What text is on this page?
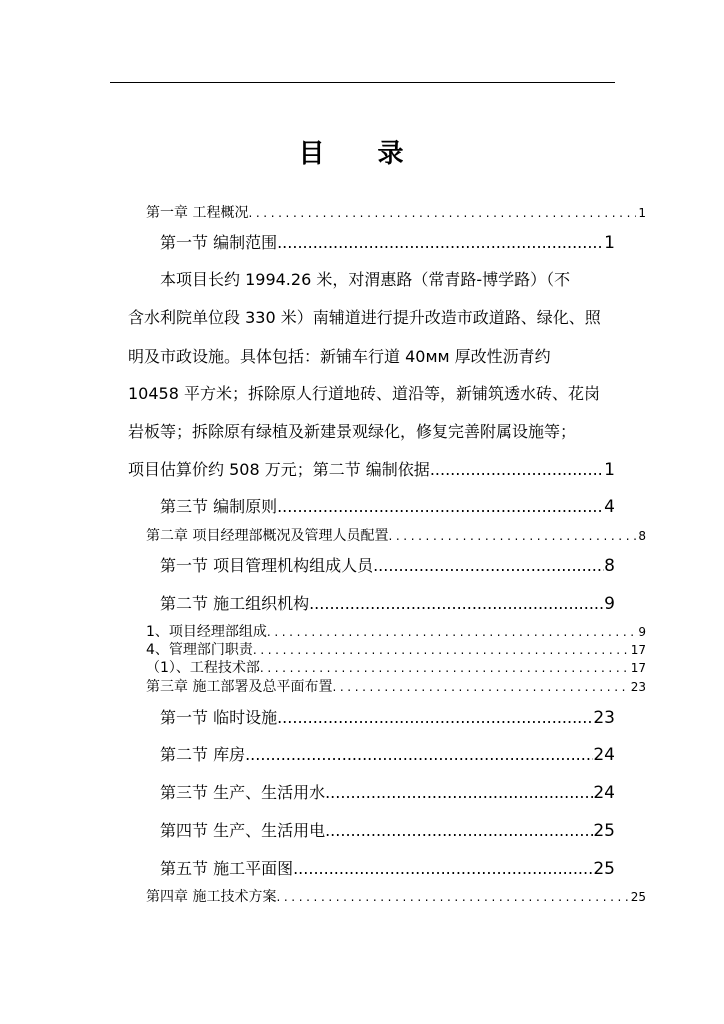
目 录
第一章 工程概况 .....	1
第一节 编制范围 .....	1
本项目长约 1994.26 米，对渭惠路（常青路-博学路）（不
含水利院单位段 330 米）南辅道进行提升改造市政道路、绿化、照
明及市政设施。具体包括：新铺车行道 40ᴍᴍ 厚改性沥青约
10458 平方米；拆除原人行道地砖、道沿等，新铺筑透水砖、花岗
岩板等；拆除原有绿植及新建景观绿化，修复完善附属设施等；
项目估算价约 508 万元； 第二节 编制依据 .....	1
第三节 编制原则 .....	4
第二章 项目经理部概况及管理人员配置 .....	8
第一节 项目管理机构组成人员 .....	8
第二节 施工组织机构 .....	9
1、项目经理部组成 .....	9
4、管理部门职责 .....	17
（1）、工程技术部 .....	17
第三章 施工部署及总平面布置 .....	23
第一节 临时设施 .....	23
第二节 库房 .....	24
第三节 生产、生活用水 .....	24
第四节 生产、生活用电 .....	25
第五节 施工平面图 .....	25
第四章 施工技术方案 .....	25
